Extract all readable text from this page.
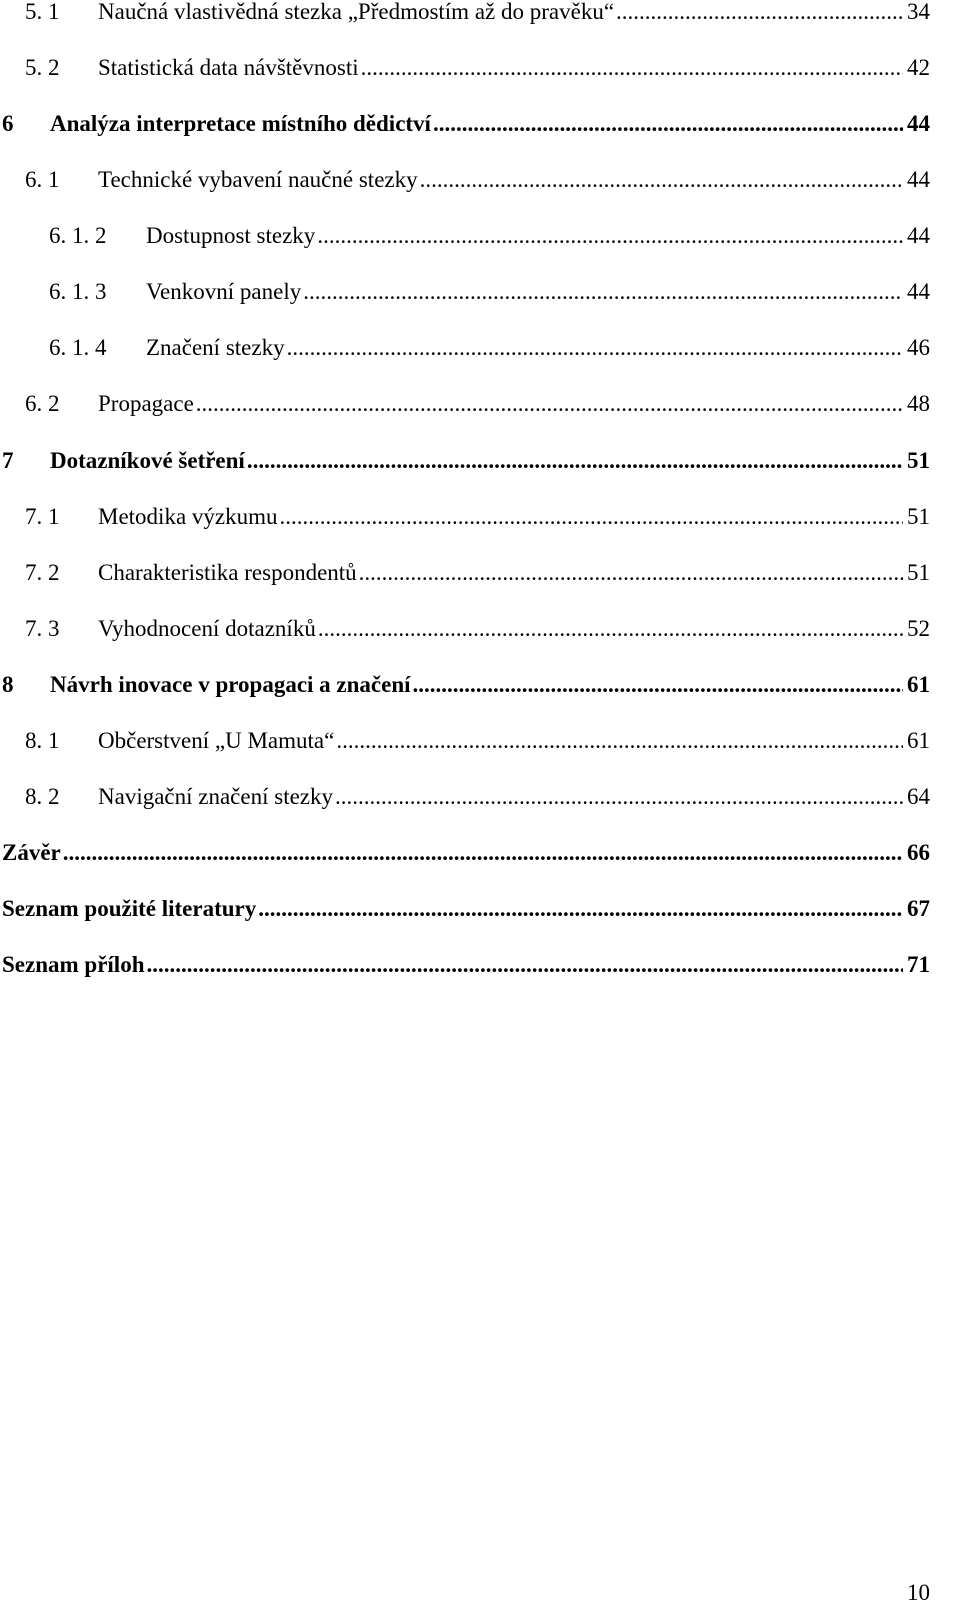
5. 1 Naučná vlastivědná stezka „Předmostím až do pravěku“ .....	34
5. 2 Statistická data návštěvnosti .....	42
6 Analýza interpretace místního dědictví .....	44
6. 1 Technické vybavení naučné stezky .....	44
6. 1. 2 Dostupnost stezky .....	44
6. 1. 3 Venkovní panely .....	44
6. 1. 4 Značení stezky .....	46
6. 2 Propagace .....	48
7 Dotazníkové šetření .....	51
7. 1 Metodika výzkumu .....	51
7. 2 Charakteristika respondentů .....	51
7. 3 Vyhodnocení dotazníků .....	52
8 Návrh inovace v propagaci a značení .....	61
8. 1 Občerstvení „U Mamuta“ .....	61
8. 2 Navigační značení stezky .....	64
Závěr .....	66
Seznam použité literatury .....	67
Seznam příloh .....	71
10
